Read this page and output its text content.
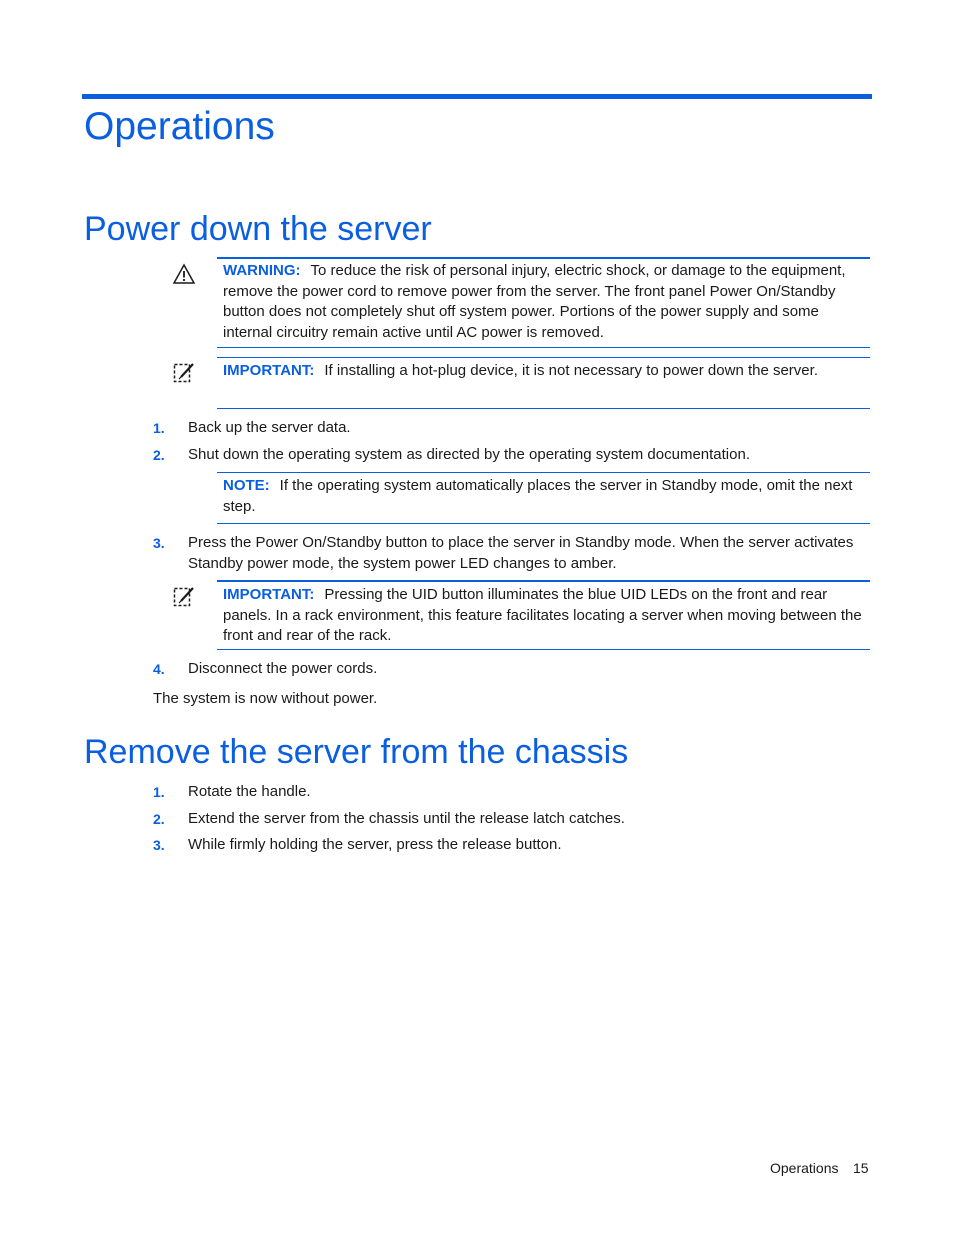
Operations
Power down the server
WARNING: To reduce the risk of personal injury, electric shock, or damage to the equipment, remove the power cord to remove power from the server. The front panel Power On/Standby button does not completely shut off system power. Portions of the power supply and some internal circuitry remain active until AC power is removed.
IMPORTANT: If installing a hot-plug device, it is not necessary to power down the server.
1. Back up the server data.
2. Shut down the operating system as directed by the operating system documentation.
NOTE: If the operating system automatically places the server in Standby mode, omit the next step.
3. Press the Power On/Standby button to place the server in Standby mode. When the server activates Standby power mode, the system power LED changes to amber.
IMPORTANT: Pressing the UID button illuminates the blue UID LEDs on the front and rear panels. In a rack environment, this feature facilitates locating a server when moving between the front and rear of the rack.
4. Disconnect the power cords.
The system is now without power.
Remove the server from the chassis
1. Rotate the handle.
2. Extend the server from the chassis until the release latch catches.
3. While firmly holding the server, press the release button.
Operations 15
